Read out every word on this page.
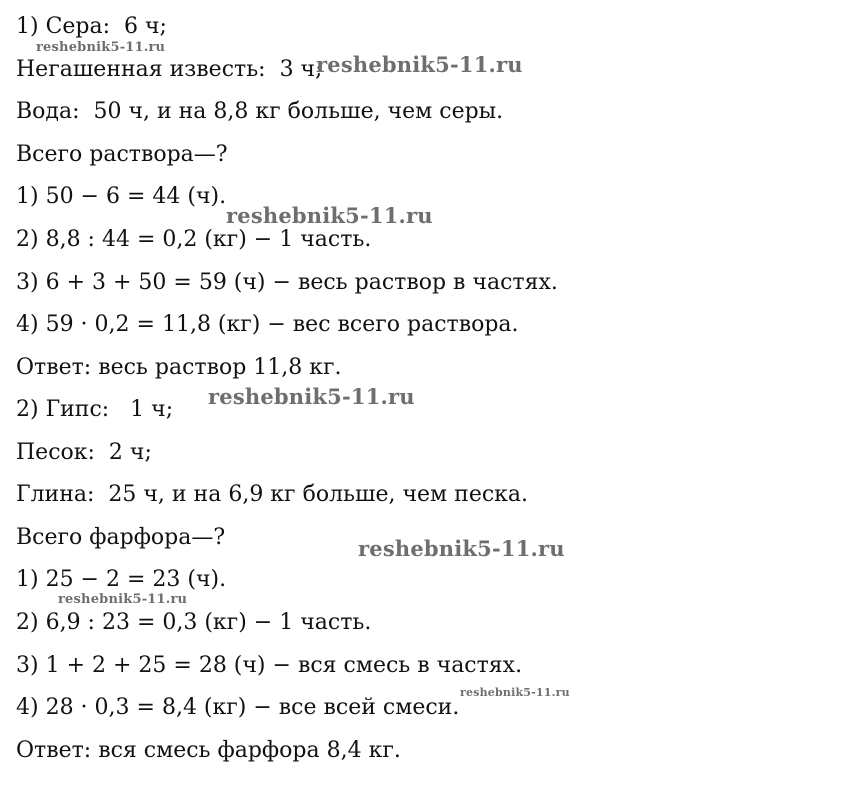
1) Сера:  6 ч;
Негашенная известь:  3 ч;
Вода:  50 ч, и на 8,8 кг больше, чем серы.
Всего раствора—?
1) 50 − 6 = 44 (ч).
2) 8,8 : 44 = 0,2 (кг) − 1 часть.
3) 6 + 3 + 50 = 59 (ч) − весь раствор в частях.
4) 59 · 0,2 = 11,8 (кг) − вес всего раствора.
Ответ: весь раствор 11,8 кг.
2) Гипс:   1 ч;
Песок:  2 ч;
Глина:  25 ч, и на 6,9 кг больше, чем песка.
Всего фарфора—?
1) 25 − 2 = 23 (ч).
2) 6,9 : 23 = 0,3 (кг) − 1 часть.
3) 1 + 2 + 25 = 28 (ч) − вся смесь в частях.
4) 28 · 0,3 = 8,4 (кг) − все всей смеси.
Ответ: вся смесь фарфора 8,4 кг.
reshebnik5-11.ru
reshebnik5-11.ru
reshebnik5-11.ru
reshebnik5-11.ru
reshebnik5-11.ru
reshebnik5-11.ru
reshebnik5-11.ru
